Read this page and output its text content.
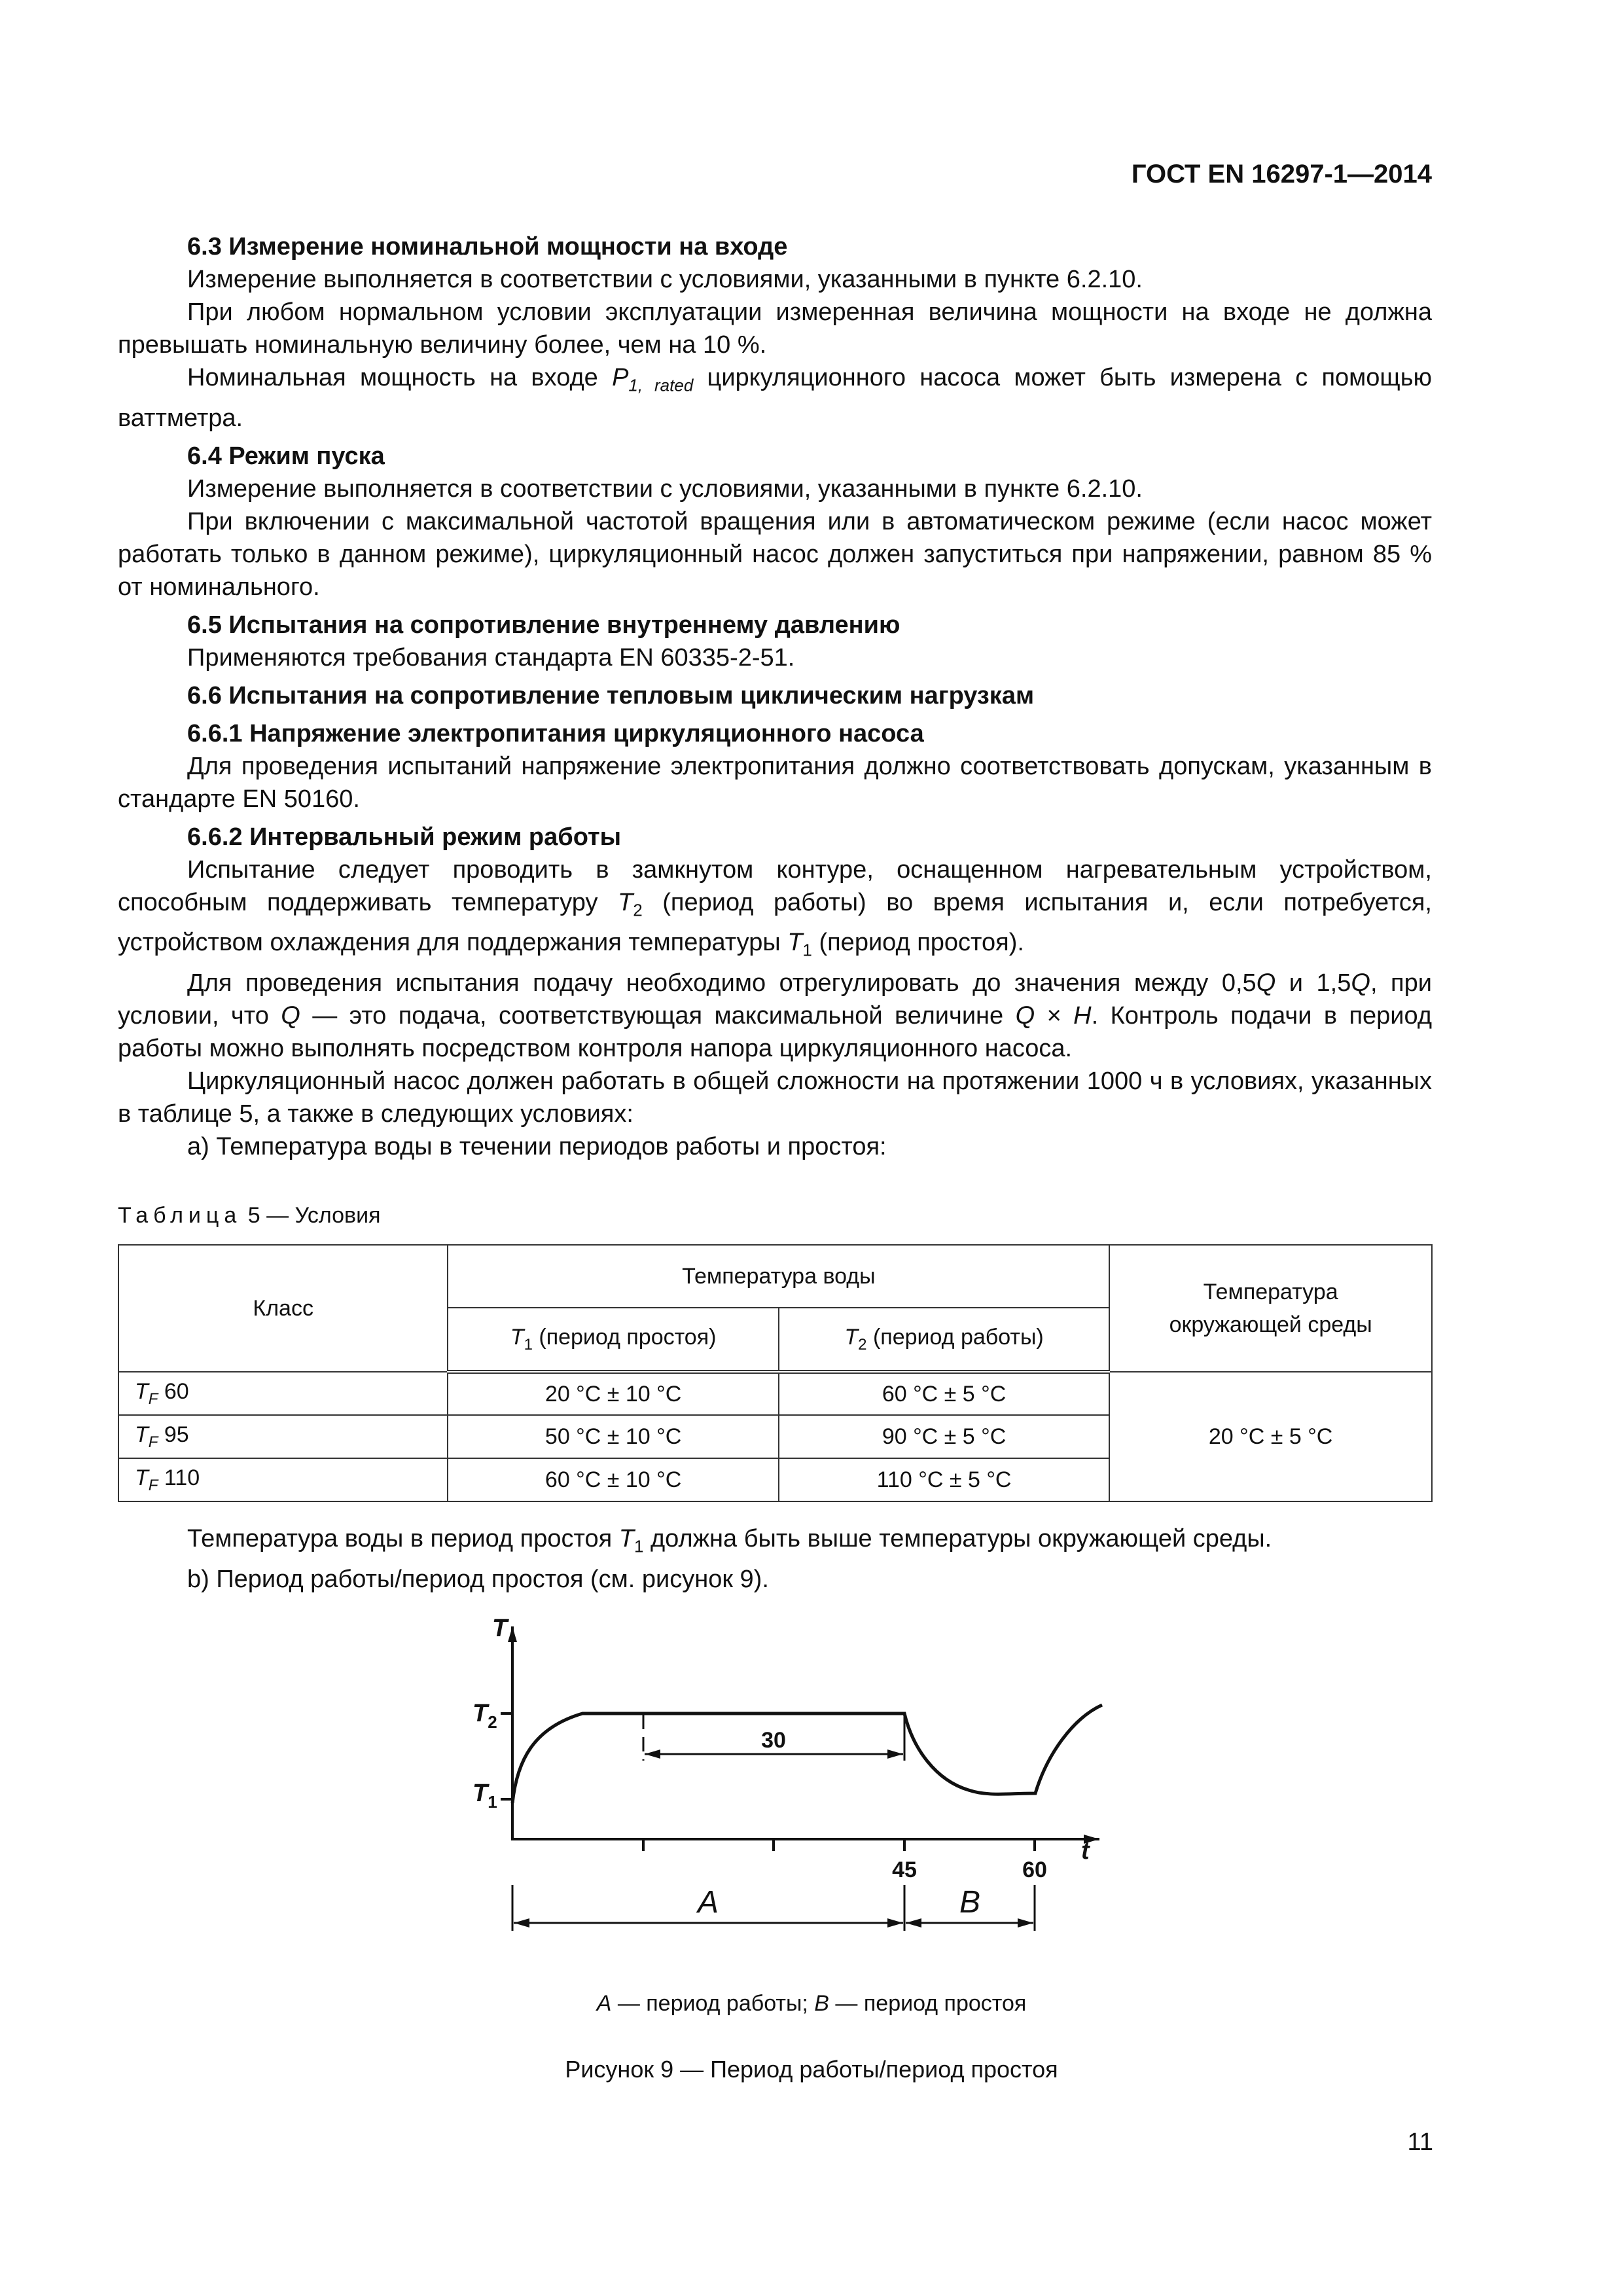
ГОСТ EN 16297-1—2014

6.3 Измерение номинальной мощности на входе

Измерение выполняется в соответствии с условиями, указанными в пункте 6.2.10.

При любом нормальном условии эксплуатации измеренная величина мощности на входе не должна превышать номинальную величину более, чем на 10 %.

Номинальная мощность на входе $P_{1, rated}$ циркуляционного насоса может быть измерена с помощью ваттметра.

6.4 Режим пуска

Измерение выполняется в соответствии с условиями, указанными в пункте 6.2.10.

При включении с максимальной частотой вращения или в автоматическом режиме (если насос может работать только в данном режиме), циркуляционный насос должен запуститься при напряжении, равном 85 % от номинального.

6.5 Испытания на сопротивление внутреннему давлению

Применяются требования стандарта EN 60335-2-51.

6.6 Испытания на сопротивление тепловым циклическим нагрузкам

6.6.1 Напряжение электропитания циркуляционного насоса

Для проведения испытаний напряжение электропитания должно соответствовать допускам, указанным в стандарте EN 50160.

6.6.2 Интервальный режим работы

Испытание следует проводить в замкнутом контуре, оснащенном нагревательным устройством, способным поддерживать температуру $T_2$ (период работы) во время испытания и, если потребуется, устройством охлаждения для поддержания температуры $T_1$ (период простоя).

Для проведения испытания подачу необходимо отрегулировать до значения между 0,5Q и 1,5Q, при условии, что Q — это подача, соответствующая максимальной величине Q × H. Контроль подачи в период работы можно выполнять посредством контроля напора циркуляционного насоса.

Циркуляционный насос должен работать в общей сложности на протяжении 1000 ч в условиях, указанных в таблице 5, а также в следующих условиях:

a) Температура воды в течении периодов работы и простоя:

Таблица 5 — Условия
Класс	Температура воды		Температура окружающей среды
	$T_1$ (период простоя)	$T_2$ (период работы)	
$T_F$ 60	20 °C ± 10 °C	60 °C ± 5 °C	20 °C ± 5 °C
$T_F$ 95	50 °C ± 10 °C	90 °C ± 5 °C	
$T_F$ 110	60 °C ± 10 °C	110 °C ± 5 °C	

Температура воды в период простоя $T_1$ должна быть выше температуры окружающей среды.

b) Период работы/период простоя (см. рисунок 9).

T
t
$T_2$
$T_1$
30
45	60
A	B
A — период работы; B — период простоя
Рисунок 9 — Период работы/период простоя
11
